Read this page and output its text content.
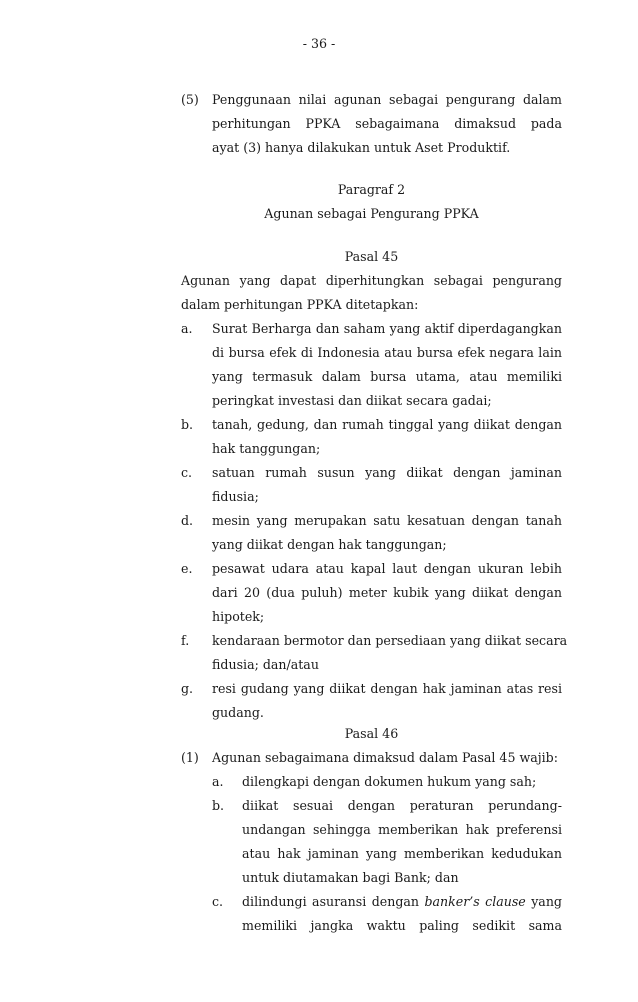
- 36 -
(5)	Penggunaan nilai agunan sebagai pengurang dalam
perhitungan PPKA sebagaimana dimaksud pada
ayat (3) hanya dilakukan untuk Aset Produktif.
Paragraf 2
Agunan sebagai Pengurang PPKA
Pasal 45
Agunan yang dapat diperhitungkan sebagai pengurang
dalam perhitungan PPKA ditetapkan:
a.	Surat Berharga dan saham yang aktif diperdagangkan
di bursa efek di Indonesia atau bursa efek negara lain
yang termasuk dalam bursa utama, atau memiliki
peringkat investasi dan diikat secara gadai;
b.	tanah, gedung, dan rumah tinggal yang diikat dengan
hak tanggungan;
c.	satuan rumah susun yang diikat dengan jaminan
fidusia;
d.	mesin yang merupakan satu kesatuan dengan tanah
yang diikat dengan hak tanggungan;
e.	pesawat udara atau kapal laut dengan ukuran lebih
dari 20 (dua puluh) meter kubik yang diikat dengan
hipotek;
f.	kendaraan bermotor dan persediaan yang diikat secara
fidusia; dan/atau
g.	resi gudang yang diikat dengan hak jaminan atas resi
gudang.
Pasal 46
(1)	Agunan sebagaimana dimaksud dalam Pasal 45 wajib:
a.	dilengkapi dengan dokumen hukum yang sah;
b.	diikat sesuai dengan peraturan perundang-
undangan sehingga memberikan hak preferensi
atau hak jaminan yang memberikan kedudukan
untuk diutamakan bagi Bank; dan
c.	dilindungi asuransi dengan banker’s clause yang
memiliki jangka waktu paling sedikit sama
